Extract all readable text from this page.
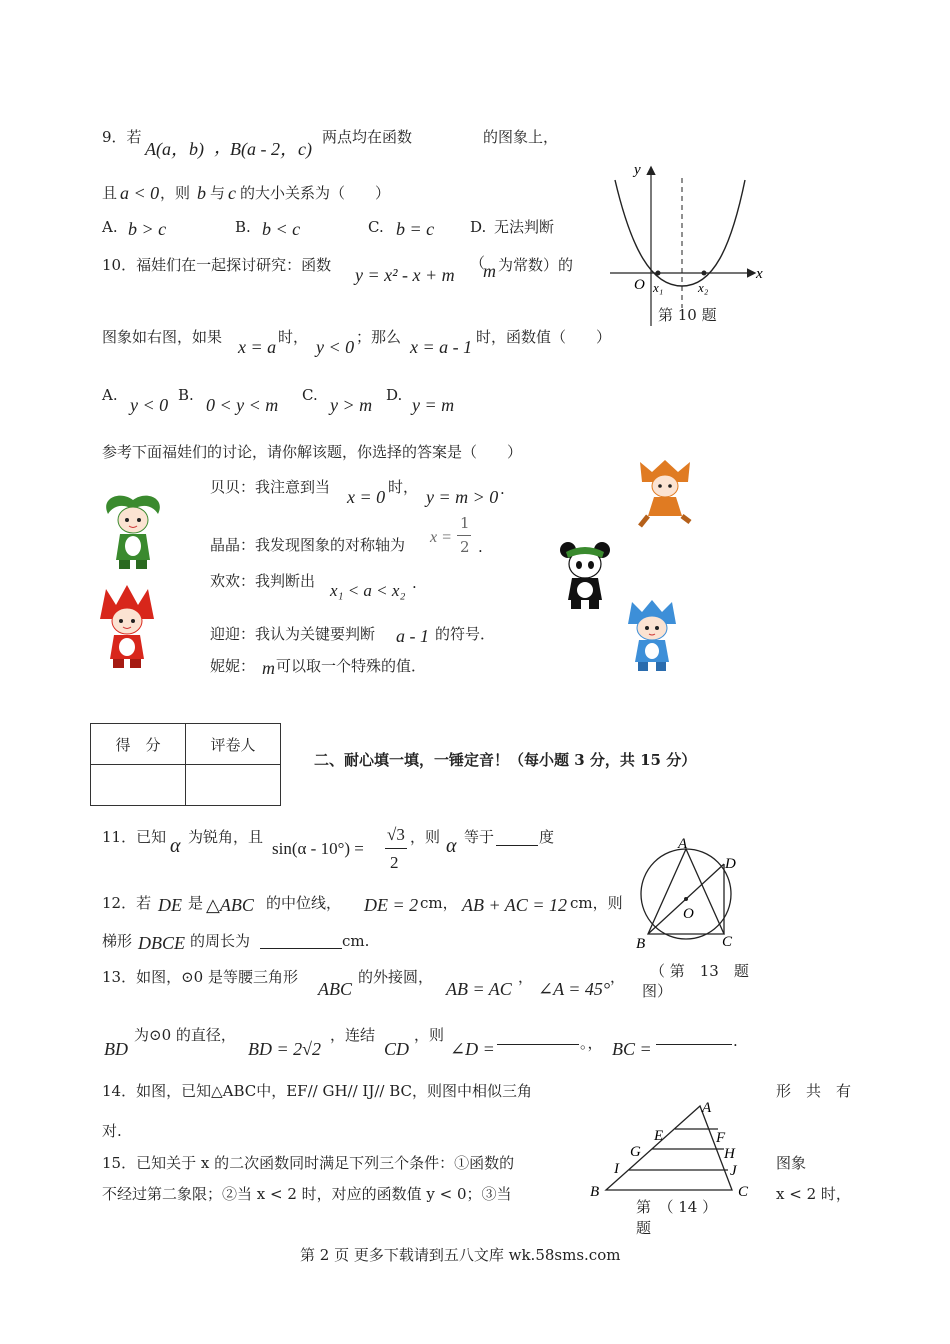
9．若
A(a，b) ，
B(a - 2，c)
两点均在函数	的图象上，
且 a < 0 ，则 b 与 c 的大小关系为（　　）
A. b > c	B. b < c	C. b = c D. 无法判断
y
x
O x₁	x₂
第 10 题
10．福娃们在一起探讨研究：函数 y = x² - x + m
（
m 为常数）的
图象如右图，如果 x = a 时， y < 0 ；那么 x = a - 1 时，函数值（　　）
A. y < 0 B. 0 < y < m C. y > m D. y = m
参考下面福娃们的讨论，请你解该题，你选择的答案是（　　）
贝贝：我注意到当 x = 0 时， y = m > 0 .
晶晶：我发现图象的对称轴为 x =
1
2 .
欢欢：我判断出 x₁ < a < x₂ .
迎迎：我认为关键要判断 a - 1 的符号．
妮妮： m 可以取一个特殊的值．
得　分	评卷人

二、耐心填一填，一锤定音！（每小题 3 分，共 15 分）
11．已知 α 为锐角，且
sin(α - 10°) =
√3
2
，则 α 等于	度	A
D
O
B	C
12．若 DE 是 △ABC 的中位线， DE = 2 cm， AB + AC = 12 cm，则
梯形 DBCE 的周长为	cm.
13．如图，⊙0 是等腰三角形
ABC
的外接圆，
AB = AC
，
∠A = 45°
， （ 第　13　题
图）
BD
为⊙0 的直径，
BD = 2√2
，连结
CD
，则
∠D =	。， BC =	.
14．如图，已知△ABC中，EF// GH// IJ// BC，则图中相似三角	形　共　有
对.
A
E	F
G	H
I	J
B	C
第　（ 14 ）
题
15．已知关于 x 的二次函数同时满足下列三个条件：①函数的	图象
不经过第二象限；②当 x < 2 时，对应的函数值 y < 0；③当	x < 2 时，
第 2 页 更多下载请到五八文库 wk.58sms.com
